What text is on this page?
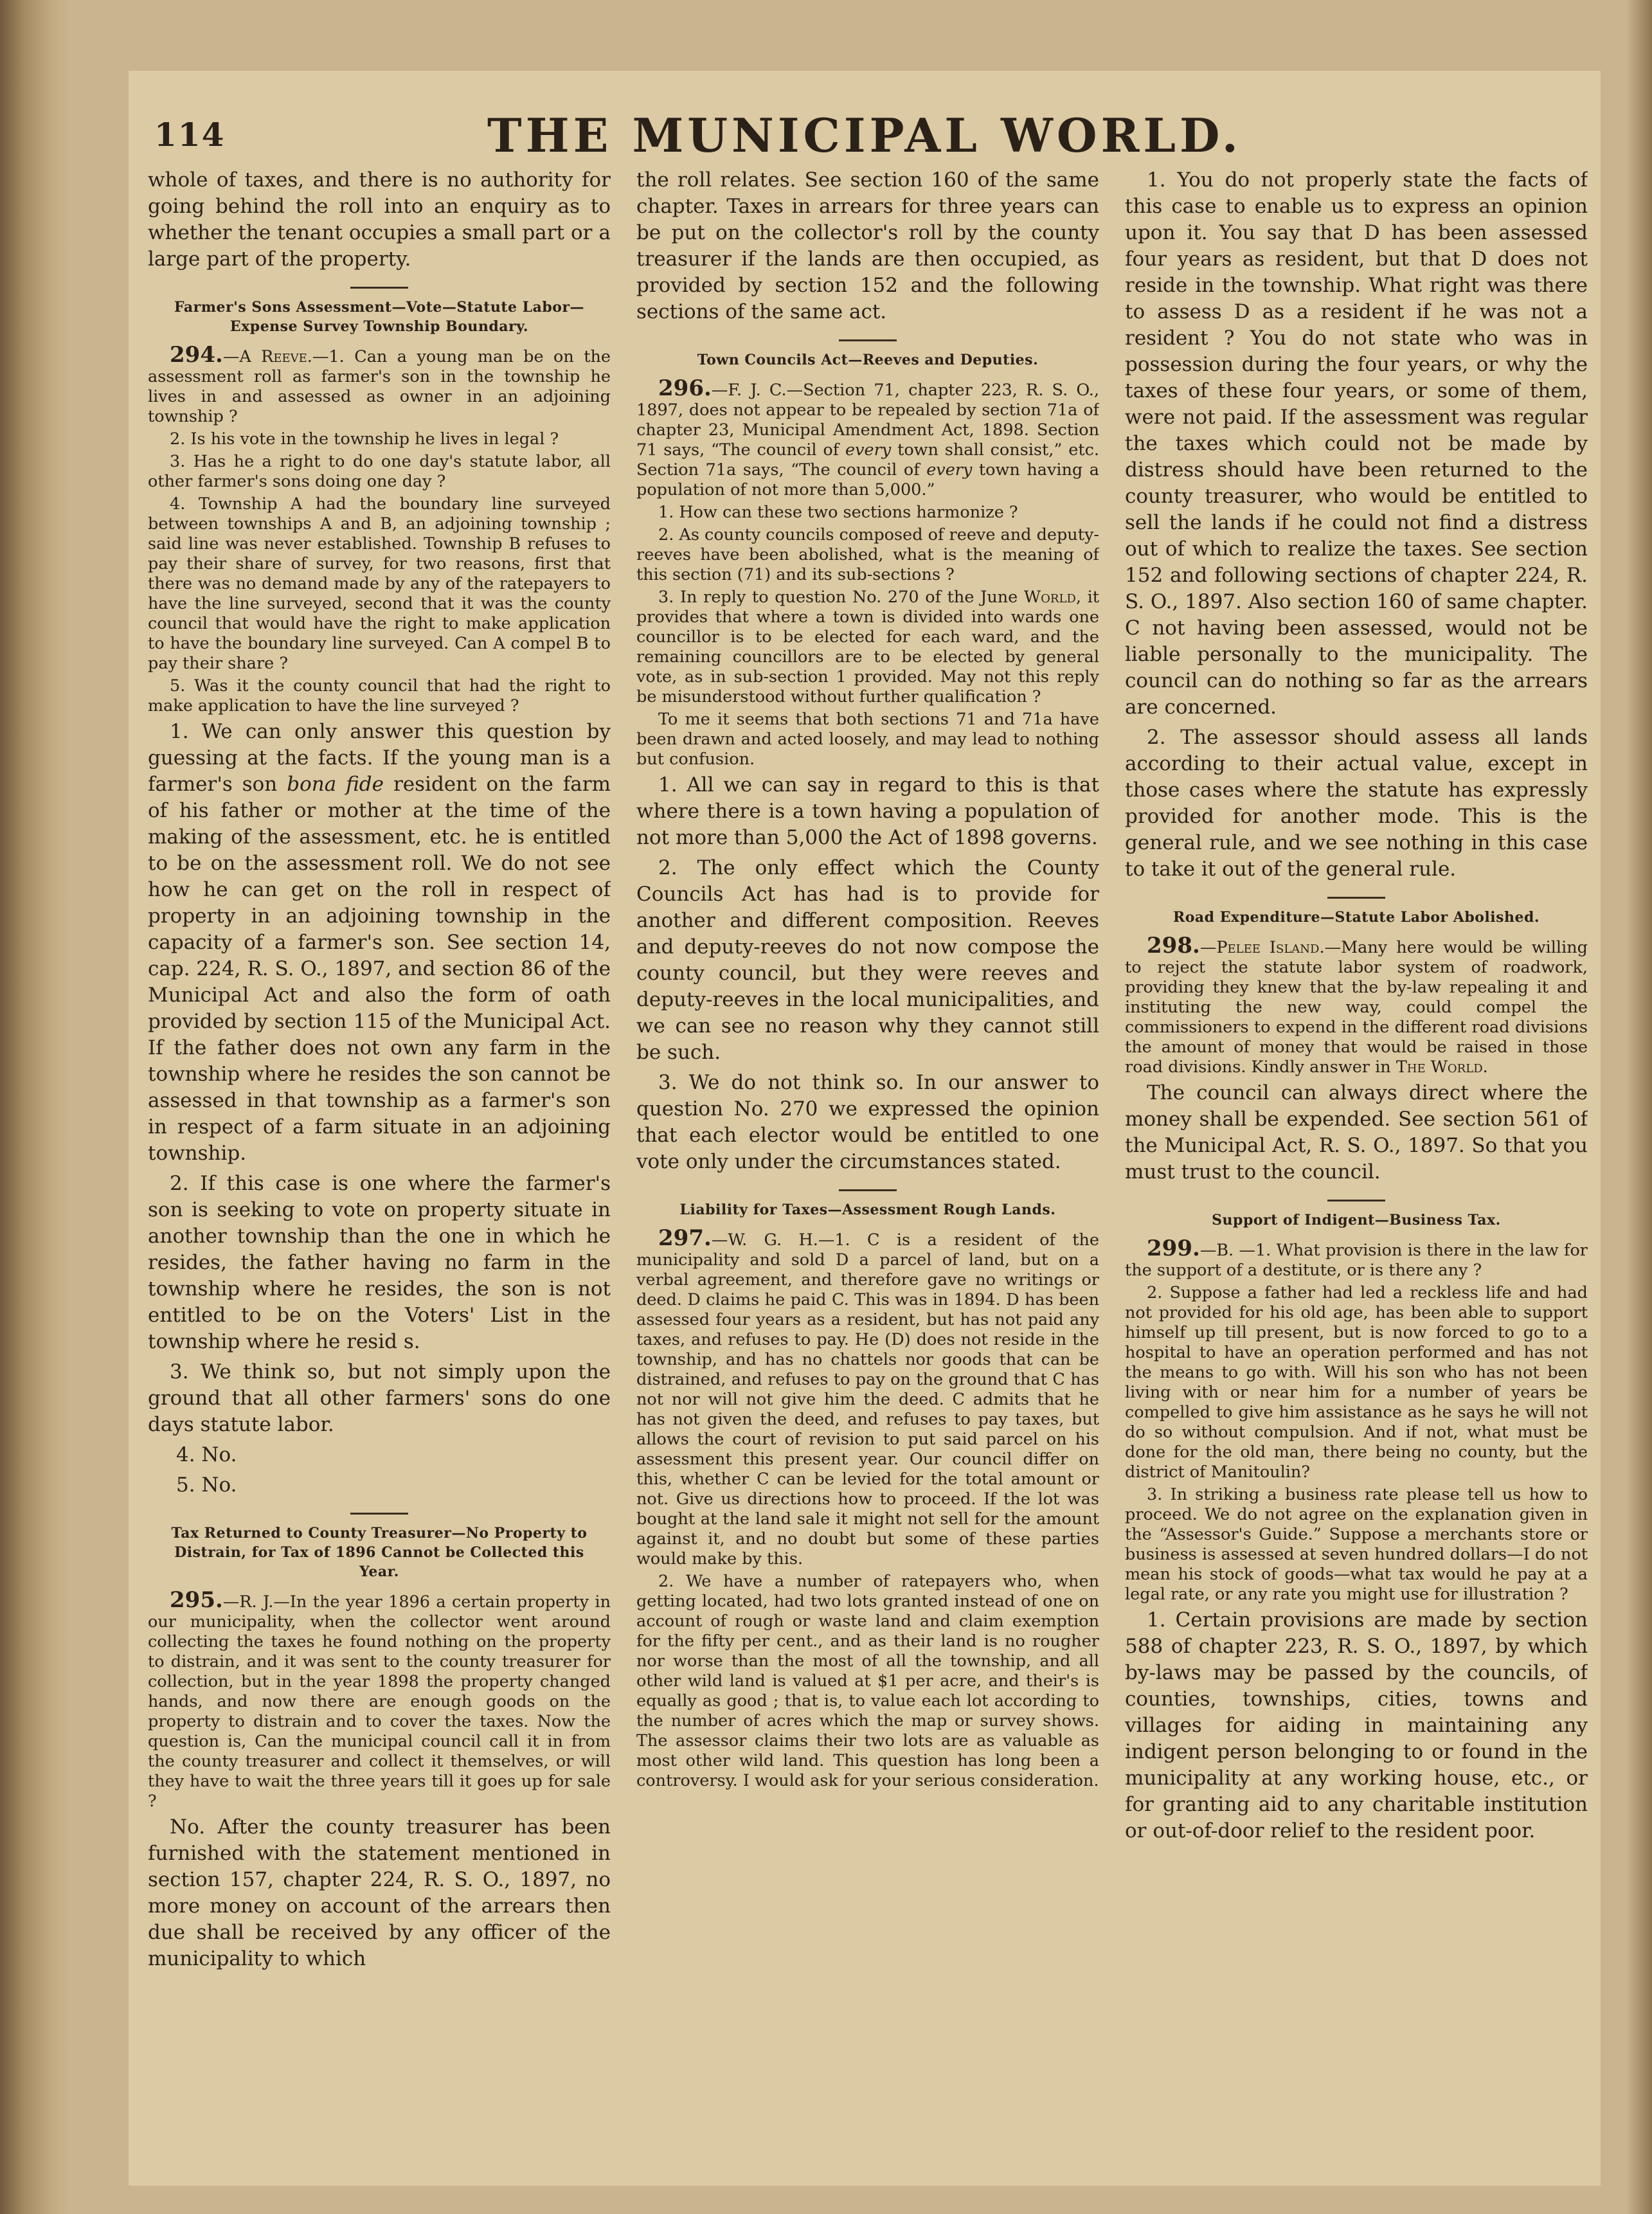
114	THE MUNICIPAL WORLD.

whole of taxes, and there is no authority for going behind the roll into an enquiry as to whether the tenant occupies a small part or a large part of the property.

Farmer's Sons Assessment—Vote—Statute Labor—Expense Survey Township Boundary.

294.—A Reeve.—1. Can a young man be on the assessment roll as farmer's son in the township he lives in and assessed as owner in an adjoining township ?

2. Is his vote in the township he lives in legal ?

3. Has he a right to do one day's statute labor, all other farmer's sons doing one day ?

4. Township A had the boundary line surveyed between townships A and B, an adjoining township ; said line was never established. Township B refuses to pay their share of survey, for two reasons, first that there was no demand made by any of the ratepayers to have the line surveyed, second that it was the county council that would have the right to make application to have the boundary line surveyed. Can A compel B to pay their share ?

5. Was it the county council that had the right to make application to have the line surveyed ?

1. We can only answer this question by guessing at the facts. If the young man is a farmer's son bona fide resident on the farm of his father or mother at the time of the making of the assessment, etc. he is entitled to be on the assessment roll. We do not see how he can get on the roll in respect of property in an adjoining township in the capacity of a farmer's son. See section 14, cap. 224, R. S. O., 1897, and section 86 of the Municipal Act and also the form of oath provided by section 115 of the Municipal Act. If the father does not own any farm in the township where he resides the son cannot be assessed in that township as a farmer's son in respect of a farm situate in an adjoining township.

2. If this case is one where the farmer's son is seeking to vote on property situate in another township than the one in which he resides, the father having no farm in the township where he resides, the son is not entitled to be on the Voters' List in the township where he resid s.

3. We think so, but not simply upon the ground that all other farmers' sons do one days statute labor.

4. No.

5. No.

Tax Returned to County Treasurer—No Property to Distrain, for Tax of 1896 Cannot be Collected this Year.

295.—R. J.—In the year 1896 a certain property in our municipality, when the collector went around collecting the taxes he found nothing on the property to distrain, and it was sent to the county treasurer for collection, but in the year 1898 the property changed hands, and now there are enough goods on the property to distrain and to cover the taxes. Now the question is, Can the municipal council call it in from the county treasurer and collect it themselves, or will they have to wait the three years till it goes up for sale ?

No. After the county treasurer has been furnished with the statement mentioned in section 157, chapter 224, R. S. O., 1897, no more money on account of the arrears then due shall be received by any officer of the municipality to which

the roll relates. See section 160 of the same chapter. Taxes in arrears for three years can be put on the collector's roll by the county treasurer if the lands are then occupied, as provided by section 152 and the following sections of the same act.

Town Councils Act—Reeves and Deputies.

296.—F. J. C.—Section 71, chapter 223, R. S. O., 1897, does not appear to be repealed by section 71a of chapter 23, Municipal Amendment Act, 1898. Section 71 says, “The council of every town shall consist,” etc. Section 71a says, “The council of every town having a population of not more than 5,000.”

1. How can these two sections harmonize ?

2. As county councils composed of reeve and deputy-reeves have been abolished, what is the meaning of this section (71) and its sub-sections ?

3. In reply to question No. 270 of the June World, it provides that where a town is divided into wards one councillor is to be elected for each ward, and the remaining councillors are to be elected by general vote, as in sub-section 1 provided. May not this reply be misunderstood without further qualification ?

To me it seems that both sections 71 and 71a have been drawn and acted loosely, and may lead to nothing but confusion.

1. All we can say in regard to this is that where there is a town having a population of not more than 5,000 the Act of 1898 governs.

2. The only effect which the County Councils Act has had is to provide for another and different composition. Reeves and deputy-reeves do not now compose the county council, but they were reeves and deputy-reeves in the local municipalities, and we can see no reason why they cannot still be such.

3. We do not think so. In our answer to question No. 270 we expressed the opinion that each elector would be entitled to one vote only under the circumstances stated.

Liability for Taxes—Assessment Rough Lands.

297.—W. G. H.—1. C is a resident of the municipality and sold D a parcel of land, but on a verbal agreement, and therefore gave no writings or deed. D claims he paid C. This was in 1894. D has been assessed four years as a resident, but has not paid any taxes, and refuses to pay. He (D) does not reside in the township, and has no chattels nor goods that can be distrained, and refuses to pay on the ground that C has not nor will not give him the deed. C admits that he has not given the deed, and refuses to pay taxes, but allows the court of revision to put said parcel on his assessment this present year. Our council differ on this, whether C can be levied for the total amount or not. Give us directions how to proceed. If the lot was bought at the land sale it might not sell for the amount against it, and no doubt but some of these parties would make by this.

2. We have a number of ratepayers who, when getting located, had two lots granted instead of one on account of rough or waste land and claim exemption for the fifty per cent., and as their land is no rougher nor worse than the most of all the township, and all other wild land is valued at $1 per acre, and their's is equally as good ; that is, to value each lot according to the number of acres which the map or survey shows. The assessor claims their two lots are as valuable as most other wild land. This question has long been a controversy. I would ask for your serious consideration.

1. You do not properly state the facts of this case to enable us to express an opinion upon it. You say that D has been assessed four years as resident, but that D does not reside in the township. What right was there to assess D as a resident if he was not a resident ? You do not state who was in possession during the four years, or why the taxes of these four years, or some of them, were not paid. If the assessment was regular the taxes which could not be made by distress should have been returned to the county treasurer, who would be entitled to sell the lands if he could not find a distress out of which to realize the taxes. See section 152 and following sections of chapter 224, R. S. O., 1897. Also section 160 of same chapter. C not having been assessed, would not be liable personally to the municipality. The council can do nothing so far as the arrears are concerned.

2. The assessor should assess all lands according to their actual value, except in those cases where the statute has expressly provided for another mode. This is the general rule, and we see nothing in this case to take it out of the general rule.

Road Expenditure—Statute Labor Abolished.

298.—Pelee Island.—Many here would be willing to reject the statute labor system of roadwork, providing they knew that the by-law repealing it and instituting the new way, could compel the commissioners to expend in the different road divisions the amount of money that would be raised in those road divisions. Kindly answer in The World.

The council can always direct where the money shall be expended. See section 561 of the Municipal Act, R. S. O., 1897. So that you must trust to the council.

Support of Indigent—Business Tax.

299.—B. —1. What provision is there in the law for the support of a destitute, or is there any ?

2. Suppose a father had led a reckless life and had not provided for his old age, has been able to support himself up till present, but is now forced to go to a hospital to have an operation performed and has not the means to go with. Will his son who has not been living with or near him for a number of years be compelled to give him assistance as he says he will not do so without compulsion. And if not, what must be done for the old man, there being no county, but the district of Manitoulin?

3. In striking a business rate please tell us how to proceed. We do not agree on the explanation given in the “Assessor's Guide.” Suppose a merchants store or business is assessed at seven hundred dollars—I do not mean his stock of goods—what tax would he pay at a legal rate, or any rate you might use for illustration ?

1. Certain provisions are made by section 588 of chapter 223, R. S. O., 1897, by which by-laws may be passed by the councils, of counties, townships, cities, towns and villages for aiding in maintaining any indigent person belonging to or found in the municipality at any working house, etc., or for granting aid to any charitable institution or out-of-door relief to the resident poor.
